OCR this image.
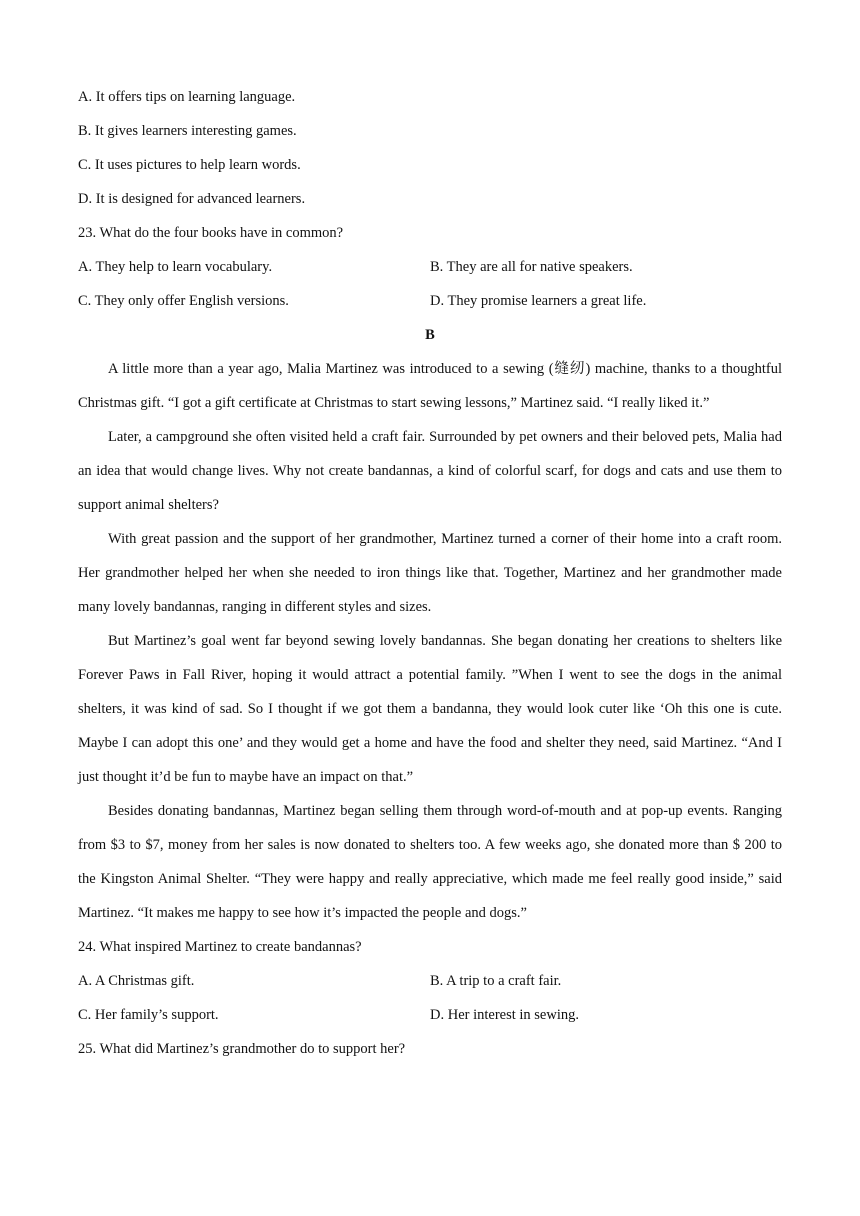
A. It offers tips on learning language.
B. It gives learners interesting games.
C. It uses pictures to help learn words.
D. It is designed for advanced learners.
23. What do the four books have in common?
A. They help to learn vocabulary.	B. They are all for native speakers.
C. They only offer English versions.	D. They promise learners a great life.
B

A little more than a year ago, Malia Martinez was introduced to a sewing (缝纫) machine, thanks to a thoughtful Christmas gift. “I got a gift certificate at Christmas to start sewing lessons,” Martinez said. “I really liked it.”

Later, a campground she often visited held a craft fair. Surrounded by pet owners and their beloved pets, Malia had an idea that would change lives. Why not create bandannas, a kind of colorful scarf, for dogs and cats and use them to support animal shelters?

With great passion and the support of her grandmother, Martinez turned a corner of their home into a craft room. Her grandmother helped her when she needed to iron things like that. Together, Martinez and her grandmother made many lovely bandannas, ranging in different styles and sizes.

But Martinez’s goal went far beyond sewing lovely bandannas. She began donating her creations to shelters like Forever Paws in Fall River, hoping it would attract a potential family. ”When I went to see the dogs in the animal shelters, it was kind of sad. So I thought if we got them a bandanna, they would look cuter like ‘Oh this one is cute. Maybe I can adopt this one’ and they would get a home and have the food and shelter they need, said Martinez. “And I just thought it’d be fun to maybe have an impact on that.”

Besides donating bandannas, Martinez began selling them through word-of-mouth and at pop-up events. Ranging from $3 to $7, money from her sales is now donated to shelters too. A few weeks ago, she donated more than $ 200 to the Kingston Animal Shelter. “They were happy and really appreciative, which made me feel really good inside,” said Martinez. “It makes me happy to see how it’s impacted the people and dogs.”

24. What inspired Martinez to create bandannas?
A. A Christmas gift.	B. A trip to a craft fair.
C. Her family’s support.	D. Her interest in sewing.
25. What did Martinez’s grandmother do to support her?
